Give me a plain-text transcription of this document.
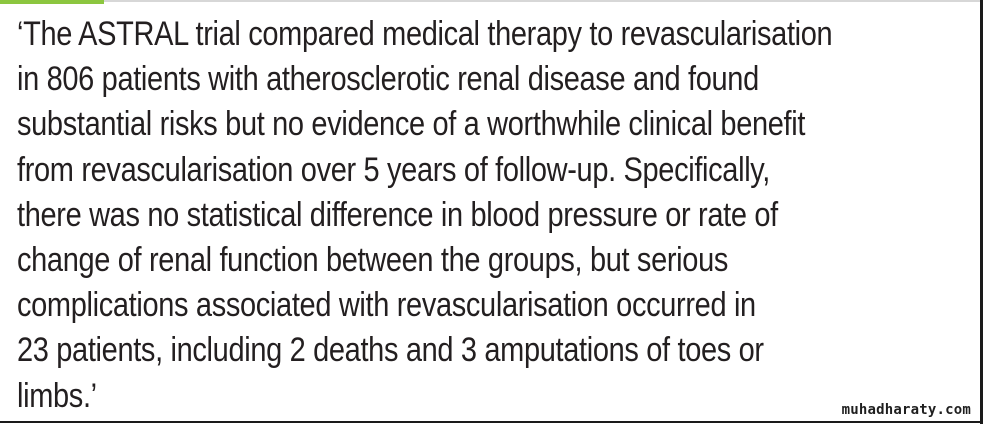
‘The ASTRAL trial compared medical therapy to revascularisation
in 806 patients with atherosclerotic renal disease and found
substantial risks but no evidence of a worthwhile clinical benefit
from revascularisation over 5 years of follow-up. Specifically,
there was no statistical difference in blood pressure or rate of
change of renal function between the groups, but serious
complications associated with revascularisation occurred in
23 patients, including 2 deaths and 3 amputations of toes or
limbs.’	muhadharaty.com
